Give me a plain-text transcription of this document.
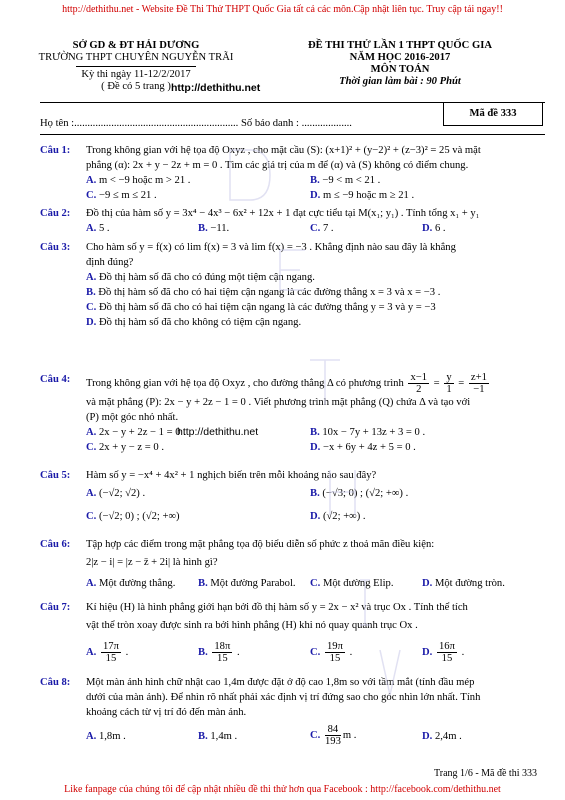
http://dethithu.net - Website Đề Thi Thử THPT Quốc Gia tất cả các môn.Cập nhật liên tục. Truy cập tải ngay!!
SỞ GD & ĐT HẢI DƯƠNG
TRƯỜNG THPT CHUYÊN NGUYỄN TRÃI
Kỳ thi ngày 11-12/2/2017
( Đề có 5 trang ) http://dethithu.net
ĐỀ THI THỬ LẦN 1 THPT QUỐC GIA
NĂM HỌC 2016-2017
MÔN TOÁN
Thời gian làm bài : 90 Phút
Họ tên :.............................................................. Số báo danh : ...................
Mã đề 333
Câu 1: Trong không gian với hệ tọa độ Oxyz , cho mặt cầu (S): (x+1)² + (y−2)² + (z−3)² = 25 và mặt
phẳng (α): 2x + y − 2z + m = 0 . Tìm các giá trị của m để (α) và (S) không có điểm chung.
A. m < −9 hoặc m > 21 .	B. −9 < m < 21 .
C. −9 ≤ m ≤ 21 .	D. m ≤ −9 hoặc m ≥ 21 .
Câu 2: Đồ thị của hàm số y = 3x⁴ − 4x³ − 6x² + 12x + 1 đạt cực tiểu tại M(x₁; y₁) . Tính tổng x₁ + y₁
A. 5 .	B. −11.	C. 7 .	D. 6 .
Câu 3: Cho hàm số y = f(x) có lim f(x) = 3 và lim f(x) = −3 . Khẳng định nào sau đây là khẳng
định đúng?
A. Đồ thị hàm số đã cho có đúng một tiệm cận ngang.
B. Đồ thị hàm số đã cho có hai tiệm cận ngang là các đường thẳng x = 3 và x = −3 .
C. Đồ thị hàm số đã cho có hai tiệm cận ngang là các đường thẳng y = 3 và y = −3
D. Đồ thị hàm số đã cho không có tiệm cận ngang.
Câu 4: Trong không gian với hệ tọa độ Oxyz , cho đường thẳng Δ có phương trình $\frac{x-1}{2} = \frac{y}{1} = \frac{z+1}{-1}$
và mặt phẳng (P): 2x − y + 2z − 1 = 0 . Viết phương trình mặt phẳng (Q) chứa Δ và tạo với
(P) một góc nhỏ nhất.
A. 2x − y + 2z − 1 = 0 .
http://dethithu.net	B. 10x − 7y + 13z + 3 = 0 .
C. 2x + y − z = 0 .	D. −x + 6y + 4z + 5 = 0 .
Câu 5: Hàm số y = −x⁴ + 4x² + 1 nghịch biến trên mỗi khoảng nào sau đây?
A. (−√2; √2) .	B. (−√3; 0) ; (√2; +∞) .
C. (−√2; 0) ; (√2; +∞)	D. (√2; +∞) .
Câu 6: Tập hợp các điểm trong mặt phẳng tọa độ biểu diễn số phức z thoả mãn điều kiện:
2|z − i| = |z − z̄ + 2i| là hình gì?
A. Một đường thẳng. B. Một đường Parabol. C. Một đường Elip.	D. Một đường tròn.
Câu 7: Kí hiệu (H) là hình phẳng giới hạn bởi đồ thị hàm số y = 2x − x² và trục Ox . Tính thể tích
vật thể tròn xoay được sinh ra bởi hình phẳng (H) khi nó quay quanh trục Ox .
A. $\frac{17\pi}{15}$ .	B. $\frac{18\pi}{15}$ .	C. $\frac{19\pi}{15}$ .	D. $\frac{16\pi}{15}$ .
Câu 8: Một màn ảnh hình chữ nhật cao 1,4m được đặt ở độ cao 1,8m so với tầm mắt (tính đầu mép
dưới của màn ảnh). Để nhìn rõ nhất phải xác định vị trí đứng sao cho góc nhìn lớn nhất. Tính
khoảng cách từ vị trí đó đến màn ảnh.
A. 1,8m .	B. 1,4m .	C. $\frac{84}{193}$ m .	D. 2,4m .
Trang 1/6 - Mã đề thi 333
Like fanpage của chúng tôi để cập nhật nhiều đề thi thử hơn qua Facebook : http://facebook.com/dethithu.net
